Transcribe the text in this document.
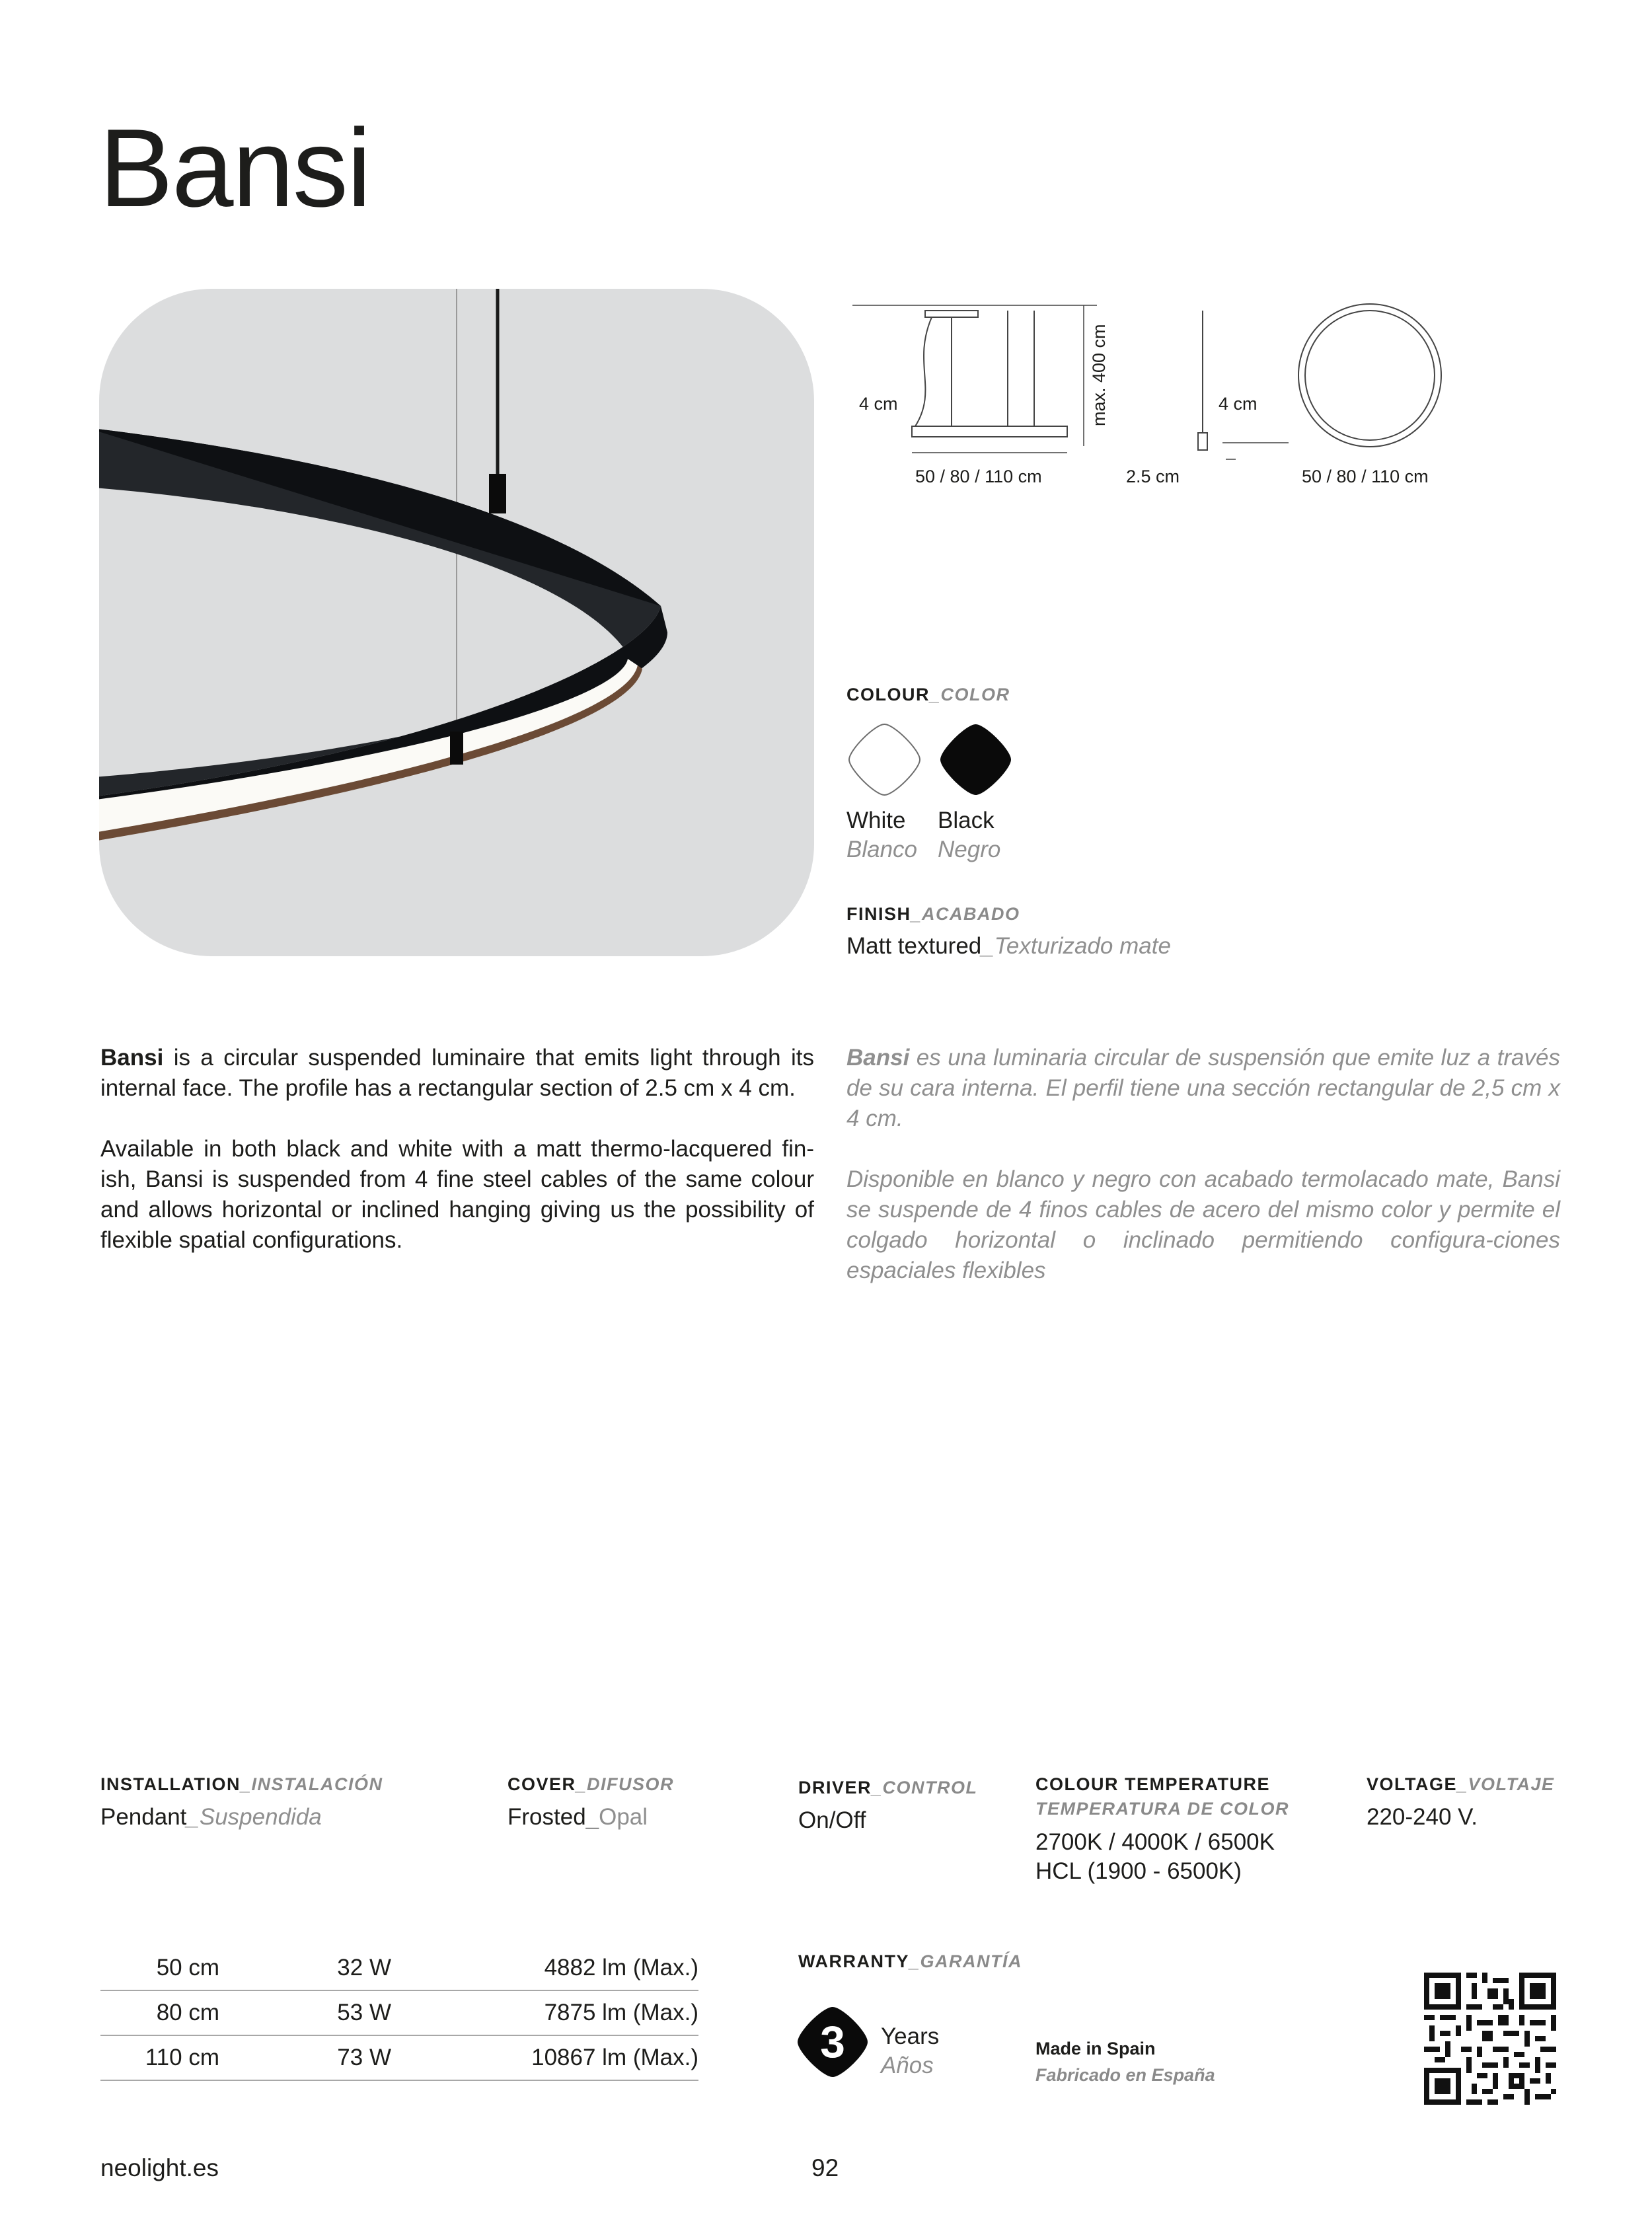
Bansi
4 cm	max. 400 cm
50 / 80 / 110 cm
4 cm
2.5 cm	50 / 80 / 110 cm
COLOUR_COLOR
White
Blanco
Black
Negro
FINISH_ACABADO
Matt textured_Texturizado mate

Bansi is a circular suspended luminaire that emits light through its internal face. The profile has a rectangular section of 2.5 cm x 4 cm.

Available in both black and white with a matt thermo-lacquered fin-ish, Bansi is suspended from 4 fine steel cables of the same colour and allows horizontal or inclined hanging giving us the possibility of flexible spatial configurations.

Bansi es una luminaria circular de suspensión que emite luz a través de su cara interna. El perfil tiene una sección rectangular de 2,5 cm x 4 cm.

Disponible en blanco y negro con acabado termolacado mate, Bansi se suspende de 4 finos cables de acero del mismo color y permite el colgado horizontal o inclinado permitiendo configura-ciones espaciales flexibles

INSTALLATION_INSTALACIÓN
Pendant_Suspendida
COVER_DIFUSOR
Frosted_Opal
DRIVER_CONTROL
On/Off
COLOUR TEMPERATURE
TEMPERATURA DE COLOR
2700K / 4000K / 6500K
HCL (1900 - 6500K)
VOLTAGE_VOLTAJE
220-240 V.
50 cm	32 W	4882 lm (Max.)
80 cm	53 W	7875 lm (Max.)
110 cm	73 W	10867 lm (Max.)
WARRANTY_GARANTÍA
3 Years
Años
Made in Spain
Fabricado en España
neolight.es	92
